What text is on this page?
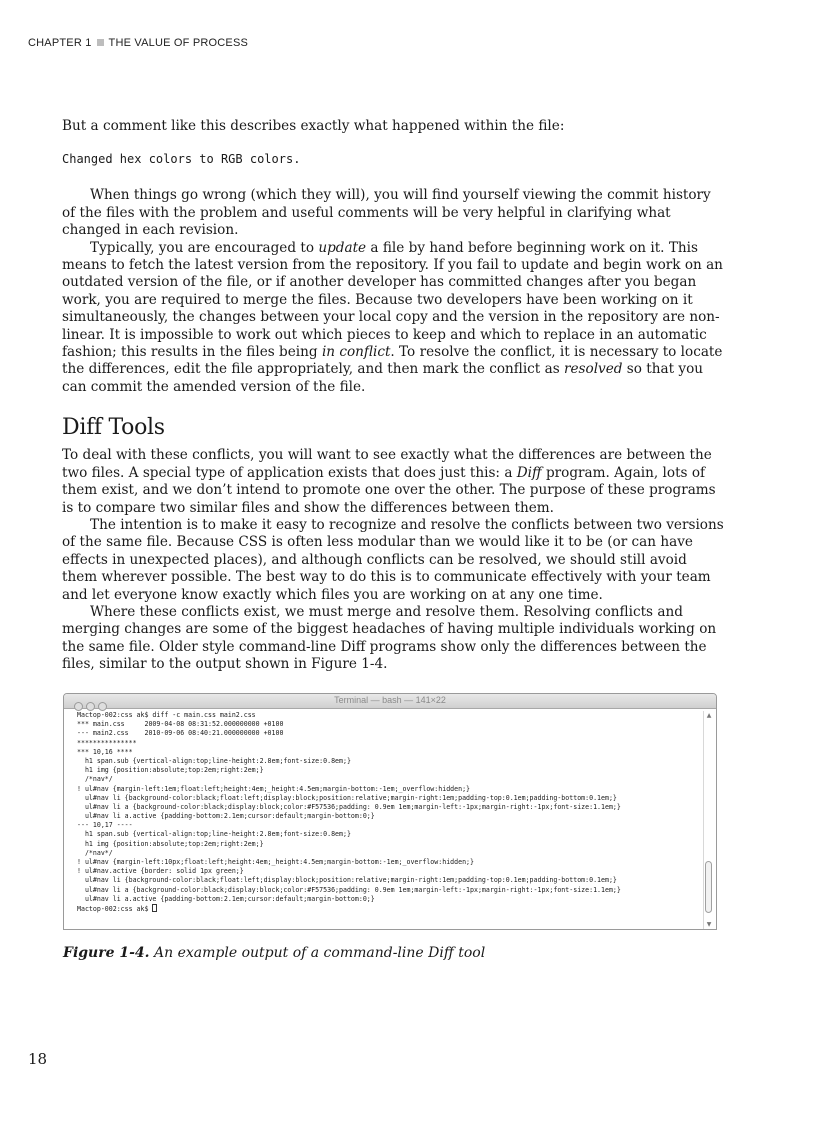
CHAPTER 1 THE VALUE OF PROCESS

But a comment like this describes exactly what happened within the file:

Changed hex colors to RGB colors.

When things go wrong (which they will), you will find yourself viewing the commit history of the files with the problem and useful comments will be very helpful in clarifying what changed in each revision.

Typically, you are encouraged to update a file by hand before beginning work on it. This means to fetch the latest version from the repository. If you fail to update and begin work on an outdated version of the file, or if another developer has committed changes after you began work, you are required to merge the files. Because two developers have been working on it simultaneously, the changes between your local copy and the version in the repository are non-linear. It is impossible to work out which pieces to keep and which to replace in an automatic fashion; this results in the files being in conflict. To resolve the conflict, it is necessary to locate the differences, edit the file appropriately, and then mark the conflict as resolved so that you can commit the amended version of the file.

Diff Tools

To deal with these conflicts, you will want to see exactly what the differences are between the two files. A special type of application exists that does just this: a Diff program. Again, lots of them exist, and we don’t intend to promote one over the other. The purpose of these programs is to compare two similar files and show the differences between them.

The intention is to make it easy to recognize and resolve the conflicts between two versions of the same file. Because CSS is often less modular than we would like it to be (or can have effects in unexpected places), and although conflicts can be resolved, we should still avoid them wherever possible. The best way to do this is to communicate effectively with your team and let everyone know exactly which files you are working on at any one time.

Where these conflicts exist, we must merge and resolve them. Resolving conflicts and merging changes are some of the biggest headaches of having multiple individuals working on the same file. Older style command-line Diff programs show only the differences between the files, similar to the output shown in Figure 1-4.

Terminal — bash — 141×22
Mactop-002:css ak$ diff -c main.css main2.css
*** main.css     2009-04-08 08:31:52.000000000 +0100
--- main2.css    2010-09-06 08:40:21.000000000 +0100
***************
*** 10,16 ****
h1 span.sub {vertical-align:top;line-height:2.8em;font-size:0.8em;}
h1 img {position:absolute;top:2em;right:2em;}
/*nav*/
! ul#nav {margin-left:1em;float:left;height:4em;_height:4.5em;margin-bottom:-1em;_overflow:hidden;}
ul#nav li {background-color:black;float:left;display:block;position:relative;margin-right:1em;padding-top:0.1em;padding-bottom:0.1em;}
ul#nav li a {background-color:black;display:block;color:#F57536;padding: 0.9em 1em;margin-left:-1px;margin-right:-1px;font-size:1.1em;}
ul#nav li a.active {padding-bottom:2.1em;cursor:default;margin-bottom:0;}
--- 10,17 ----
h1 span.sub {vertical-align:top;line-height:2.8em;font-size:0.8em;}
h1 img {position:absolute;top:2em;right:2em;}
/*nav*/
! ul#nav {margin-left:10px;float:left;height:4em;_height:4.5em;margin-bottom:-1em;_overflow:hidden;}
! ul#nav.active {border: solid 1px green;}
ul#nav li {background-color:black;float:left;display:block;position:relative;margin-right:1em;padding-top:0.1em;padding-bottom:0.1em;}
ul#nav li a {background-color:black;display:block;color:#F57536;padding: 0.9em 1em;margin-left:-1px;margin-right:-1px;font-size:1.1em;}
ul#nav li a.active {padding-bottom:2.1em;cursor:default;margin-bottom:0;}
Mactop-002:css ak$
▲
▼
Figure 1-4. An example output of a command-line Diff tool
18
